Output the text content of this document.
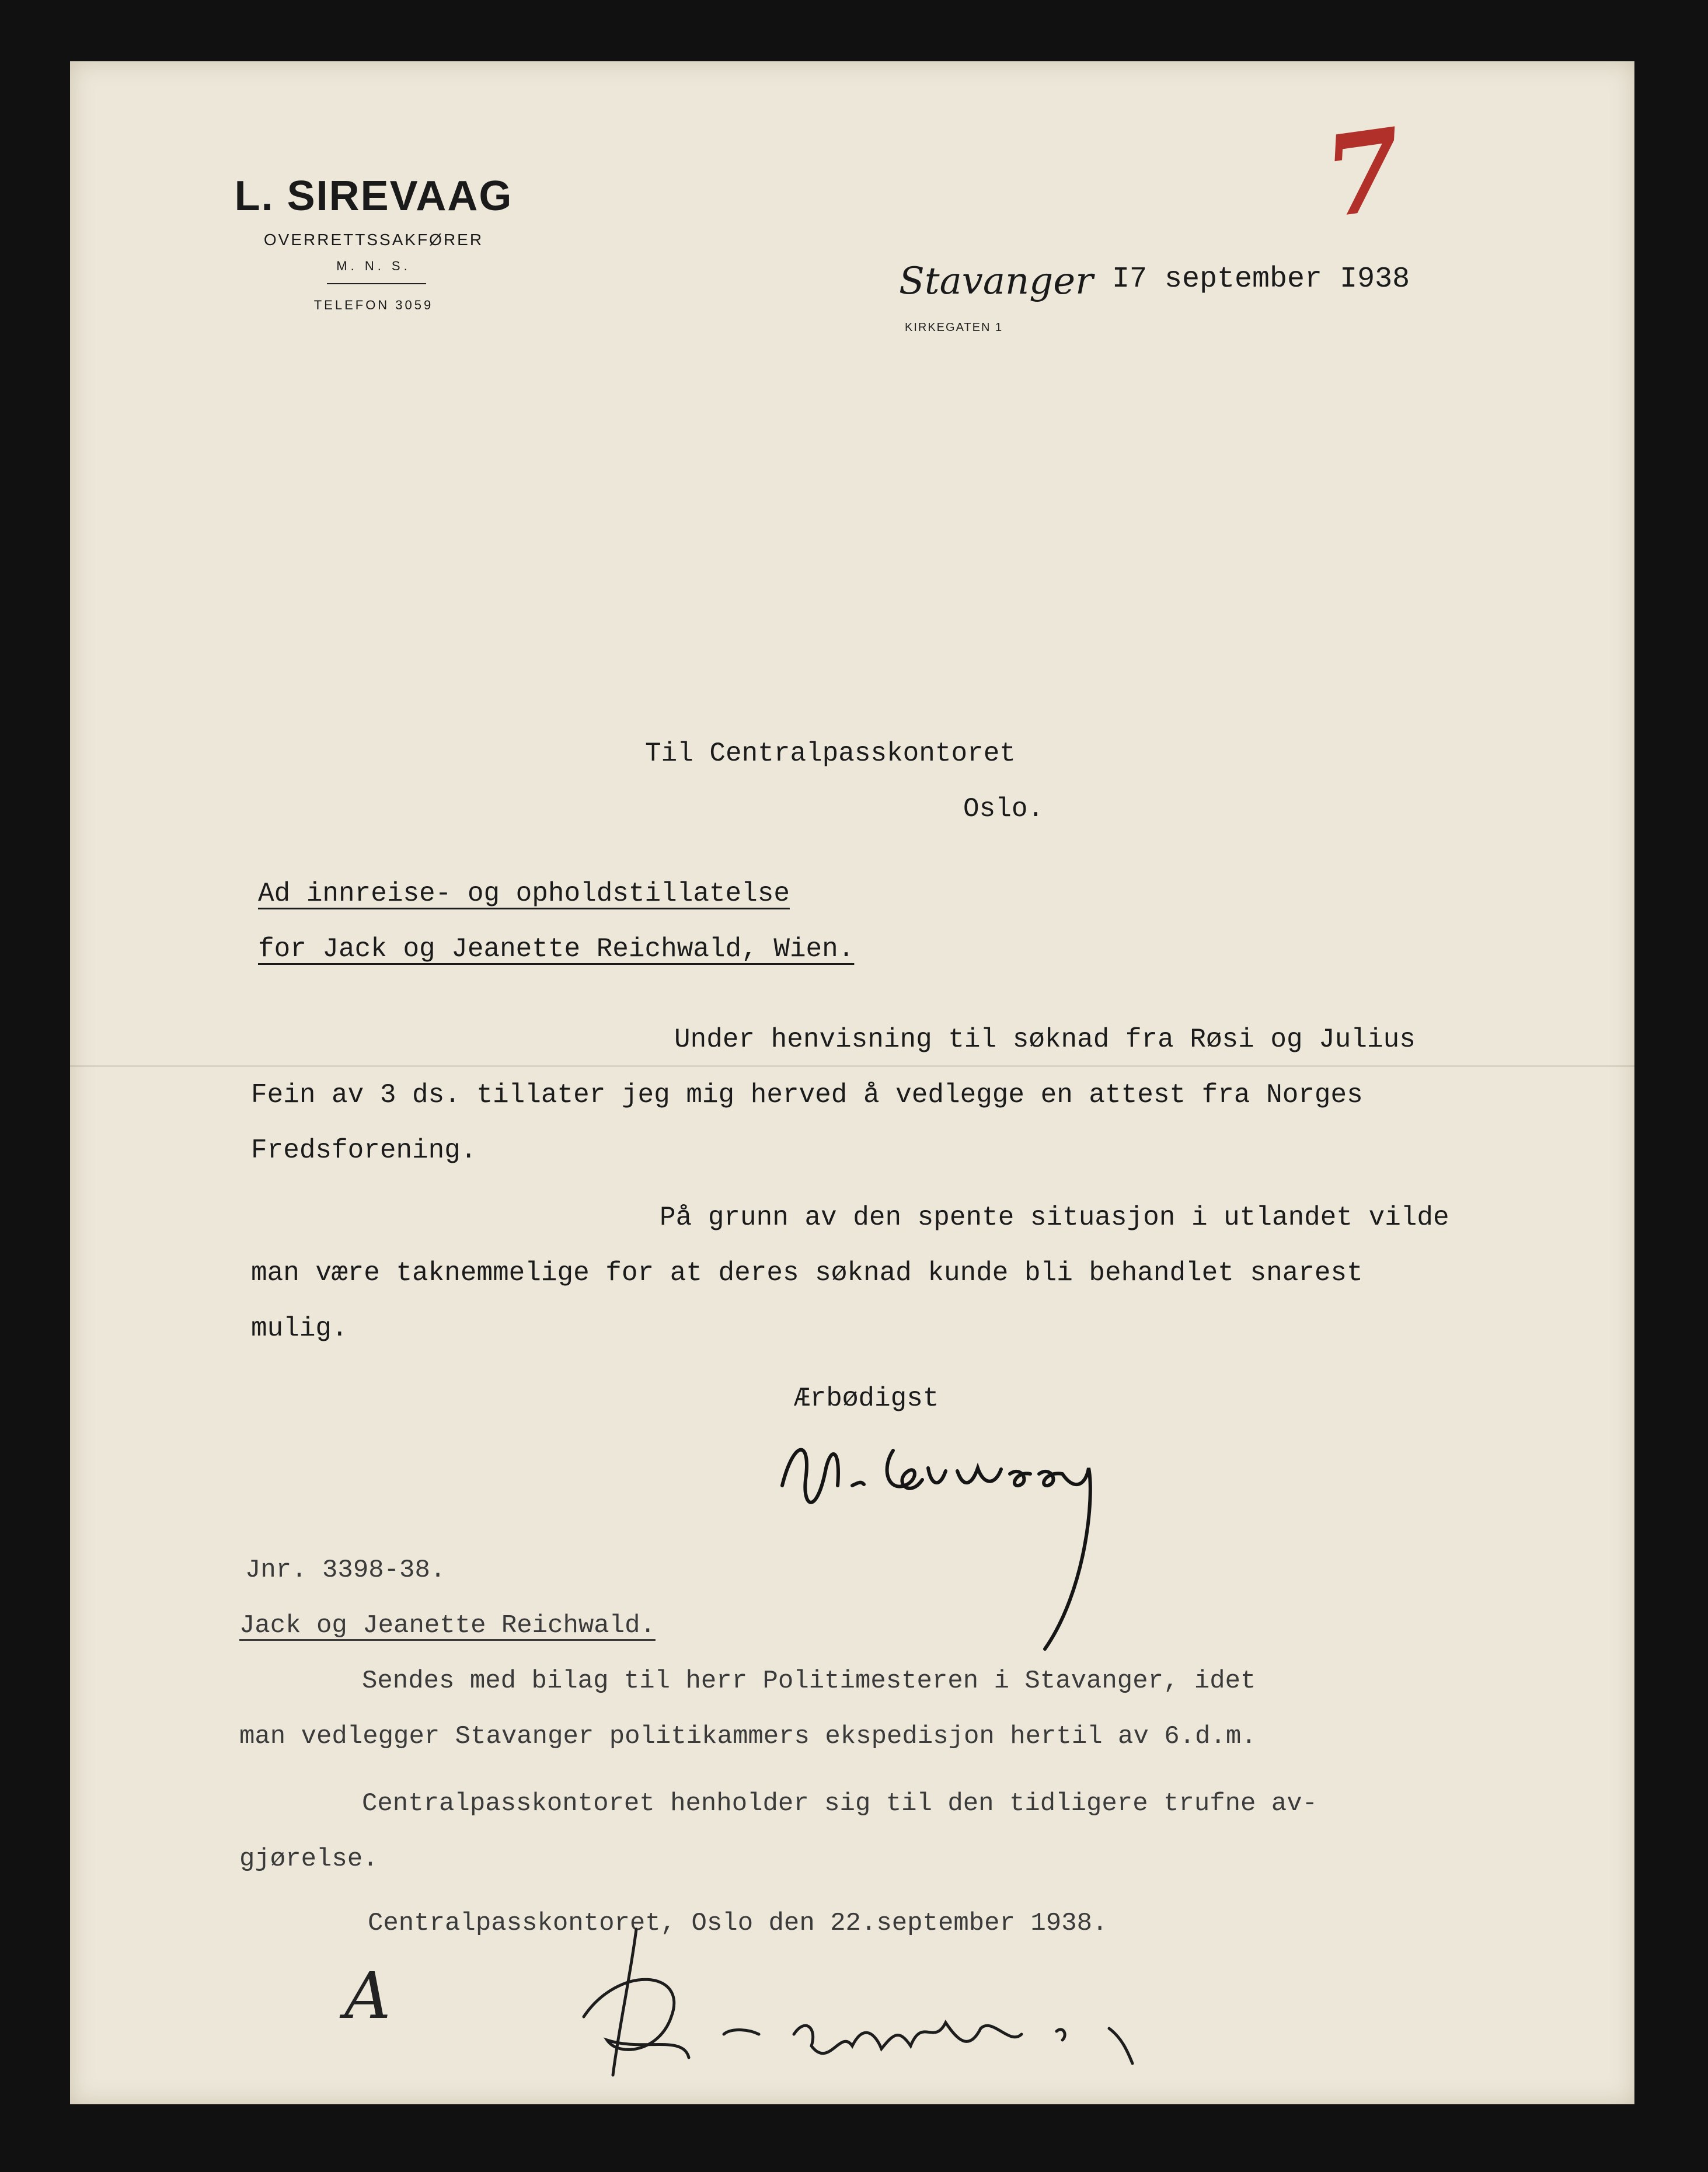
L. SIREVAAG
OVERRETTSSAKFØRER
M. N. S.
TELEFON 3059
Stavanger
KIRKEGATEN 1
I7 september I938
7
Til Centralpasskontoret
Oslo.
Ad innreise- og opholdstillatelse
for Jack og Jeanette Reichwald, Wien.
Under henvisning til søknad fra Røsi og Julius
Fein av 3 ds. tillater jeg mig herved å vedlegge en attest fra Norges
Fredsforening.
På grunn av den spente situasjon i utlandet vilde
man være taknemmelige for at deres søknad kunde bli behandlet snarest
mulig.
Ærbødigst
Jnr. 3398-38.
Jack og Jeanette Reichwald.
Sendes med bilag til herr Politimesteren i Stavanger, idet
man vedlegger Stavanger politikammers ekspedisjon hertil av 6.d.m.
Centralpasskontoret henholder sig til den tidligere trufne av-
gjørelse.
Centralpasskontoret, Oslo den 22.september 1938.
A
